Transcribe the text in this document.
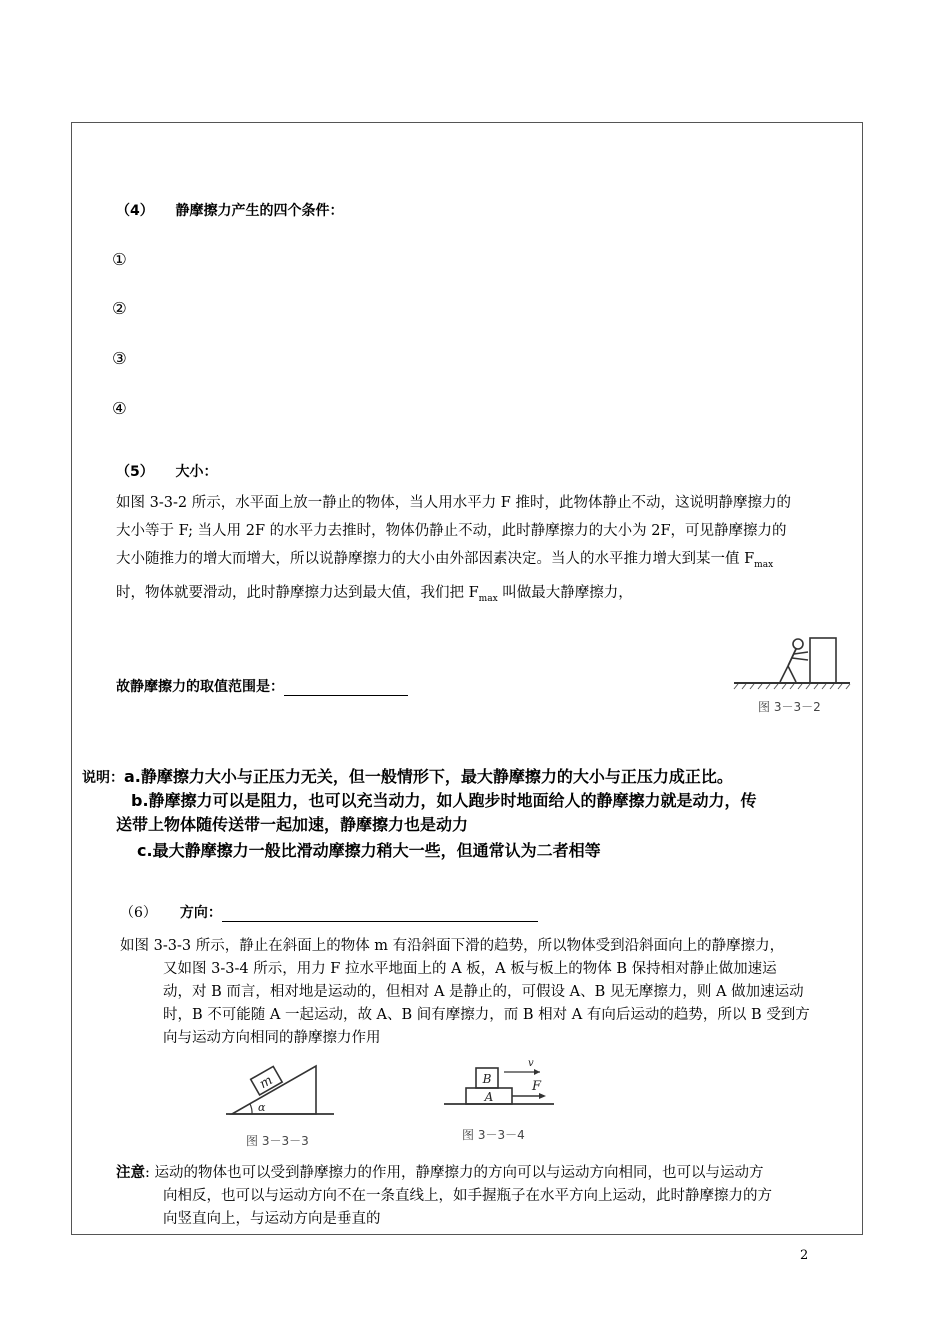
（4） 静摩擦力产生的四个条件：
①
②
③
④
（5） 大小：
如图 3-3-2 所示，水平面上放一静止的物体，当人用水平力 F 推时，此物体静止不动，这说明静摩擦力的
大小等于 F; 当人用 2F 的水平力去推时，物体仍静止不动，此时静摩擦力的大小为 2F，可见静摩擦力的
大小随推力的增大而增大，所以说静摩擦力的大小由外部因素决定。当人的水平推力增大到某一值 $F_{max}$
时，物体就要滑动，此时静摩擦力达到最大值，我们把 $F_{max}$ 叫做最大静摩擦力，
故静摩擦力的取值范围是：
图 3－3－2
说明：a.静摩擦力大小与正压力无关，但一般情形下，最大静摩擦力的大小与正压力成正比。
b.静摩擦力可以是阻力，也可以充当动力，如人跑步时地面给人的静摩擦力就是动力，传
送带上物体随传送带一起加速，静摩擦力也是动力
c.最大静摩擦力一般比滑动摩擦力稍大一些，但通常认为二者相等
（6） 方向：
如图 3-3-3 所示，静止在斜面上的物体 m 有沿斜面下滑的趋势，所以物体受到沿斜面向上的静摩擦力，
又如图 3-3-4 所示，用力 F 拉水平地面上的 A 板，A 板与板上的物体 B 保持相对静止做加速运
动，对 B 而言，相对地是运动的，但相对 A 是静止的，可假设 A、B 见无摩擦力，则 A 做加速运动
时，B 不可能随 A 一起运动，故 A、B 间有摩擦力，而 B 相对 A 有向后运动的趋势，所以 B 受到方
向与运动方向相同的静摩擦力作用
m
α
图 3－3－3
B
A
v
F
图 3－3－4
注意: 运动的物体也可以受到静摩擦力的作用，静摩擦力的方向可以与运动方向相同，也可以与运动方
向相反，也可以与运动方向不在一条直线上，如手握瓶子在水平方向上运动，此时静摩擦力的方
向竖直向上，与运动方向是垂直的
2
